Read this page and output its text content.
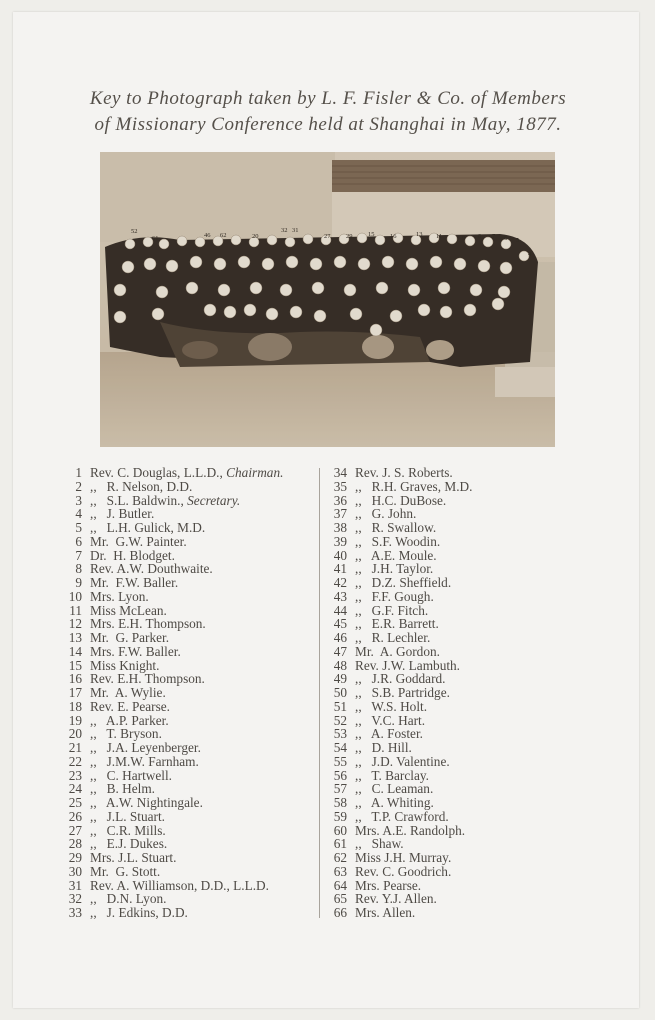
Key to Photograph taken by L. F. Fisler & Co. of Members
of Missionary Conference held at Shanghai in May, 1877.
52
61	46 62	20
32 31
27 29 15 16	13 11	9 8 7 6 5
4
1 Rev. C. Douglas, L.L.D., Chairman.
2 ,,   R. Nelson, D.D.
3 ,,   S.L. Baldwin., Secretary.
4 ,,   J. Butler.
5 ,,   L.H. Gulick, M.D.
6 Mr.  G.W. Painter.
7 Dr.  H. Blodget.
8 Rev. A.W. Douthwaite.
9 Mr.  F.W. Baller.
10 Mrs. Lyon.
11 Miss McLean.
12 Mrs. E.H. Thompson.
13 Mr.  G. Parker.
14 Mrs. F.W. Baller.
15 Miss Knight.
16 Rev. E.H. Thompson.
17 Mr.  A. Wylie.
18 Rev. E. Pearse.
19 ,,   A.P. Parker.
20 ,,   T. Bryson.
21 ,,   J.A. Leyenberger.
22 ,,   J.M.W. Farnham.
23 ,,   C. Hartwell.
24 ,,   B. Helm.
25 ,,   A.W. Nightingale.
26 ,,   J.L. Stuart.
27 ,,   C.R. Mills.
28 ,,   E.J. Dukes.
29 Mrs. J.L. Stuart.
30 Mr.  G. Stott.
31 Rev. A. Williamson, D.D., L.L.D.
32 ,,   D.N. Lyon.
33 ,,   J. Edkins, D.D.
34 Rev. J. S. Roberts.
35 ,,   R.H. Graves, M.D.
36 ,,   H.C. DuBose.
37 ,,   G. John.
38 ,,   R. Swallow.
39 ,,   S.F. Woodin.
40 ,,   A.E. Moule.
41 ,,   J.H. Taylor.
42 ,,   D.Z. Sheffield.
43 ,,   F.F. Gough.
44 ,,   G.F. Fitch.
45 ,,   E.R. Barrett.
46 ,,   R. Lechler.
47 Mr.  A. Gordon.
48 Rev. J.W. Lambuth.
49 ,,   J.R. Goddard.
50 ,,   S.B. Partridge.
51 ,,   W.S. Holt.
52 ,,   V.C. Hart.
53 ,,   A. Foster.
54 ,,   D. Hill.
55 ,,   J.D. Valentine.
56 ,,   T. Barclay.
57 ,,   C. Leaman.
58 ,,   A. Whiting.
59 ,,   T.P. Crawford.
60 Mrs. A.E. Randolph.
61 ,,   Shaw.
62 Miss J.H. Murray.
63 Rev. C. Goodrich.
64 Mrs. Pearse.
65 Rev. Y.J. Allen.
66 Mrs. Allen.
